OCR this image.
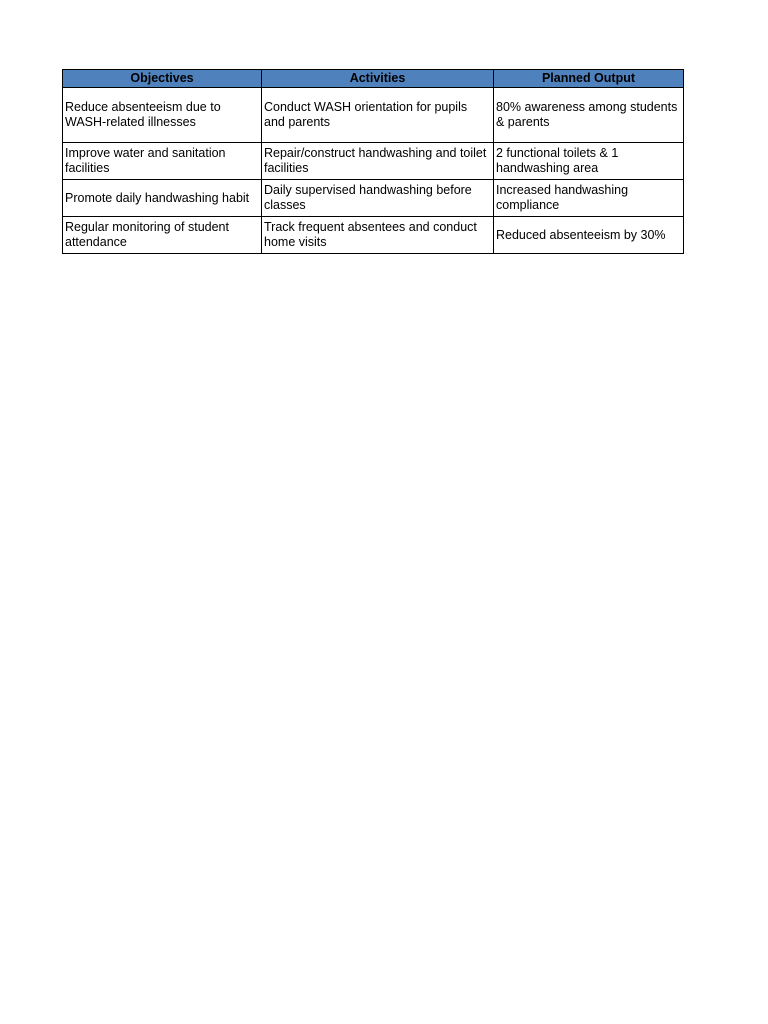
Objectives	Activities	Planned Output
Reduce absenteeism due to WASH-related illnesses	Conduct WASH orientation for pupils and parents	80% awareness among students & parents
Improve water and sanitation facilities	Repair/construct handwashing and toilet facilities	2 functional toilets & 1 handwashing area
Promote daily handwashing habit	Daily supervised handwashing before classes	Increased handwashing compliance
Regular monitoring of student attendance	Track frequent absentees and conduct home visits	Reduced absenteeism by 30%
